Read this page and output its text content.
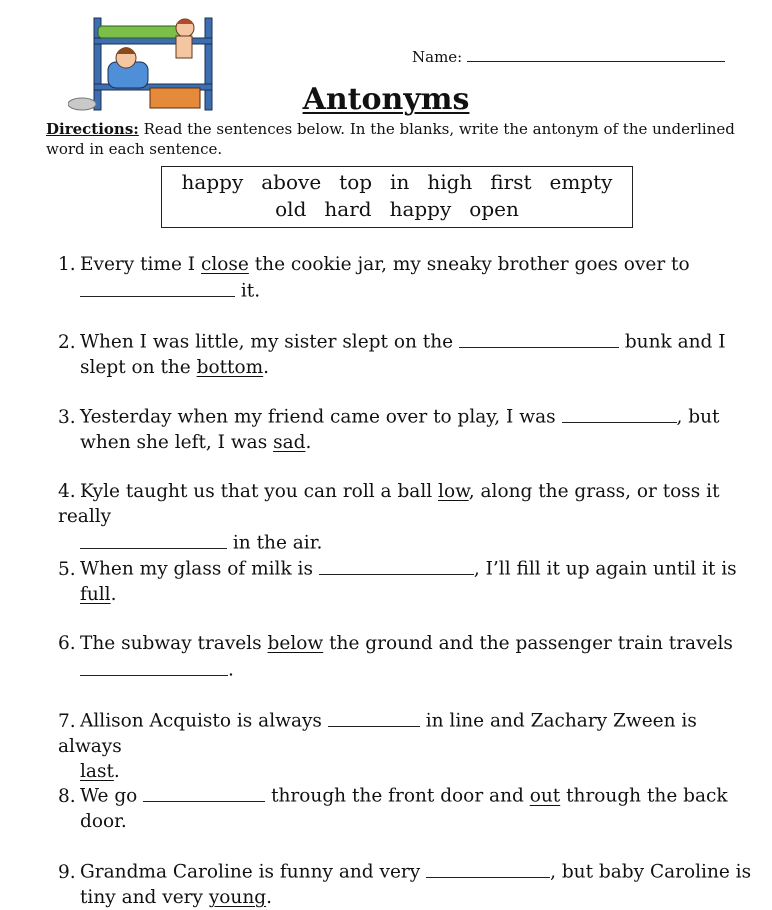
Name:
Antonyms
Directions: Read the sentences below. In the blanks, write the antonym of the underlined word in each sentence.
happy above top in high first empty
old hard happy open
1. Every time I close the cookie jar, my sneaky brother goes over to
it.
2. When I was little, my sister slept on the	bunk and I
slept on the bottom.
3. Yesterday when my friend came over to play, I was	, but
when she left, I was sad.
4. Kyle taught us that you can roll a ball low, along the grass, or toss it really
in the air.
5. When my glass of milk is	, I’ll fill it up again until it is
full.
6. The subway travels below the ground and the passenger train travels
.
7. Allison Acquisto is always	in line and Zachary Zween is always
last.
8. We go	through the front door and out through the back
door.
9. Grandma Caroline is funny and very	, but baby Caroline is
tiny and very young.
